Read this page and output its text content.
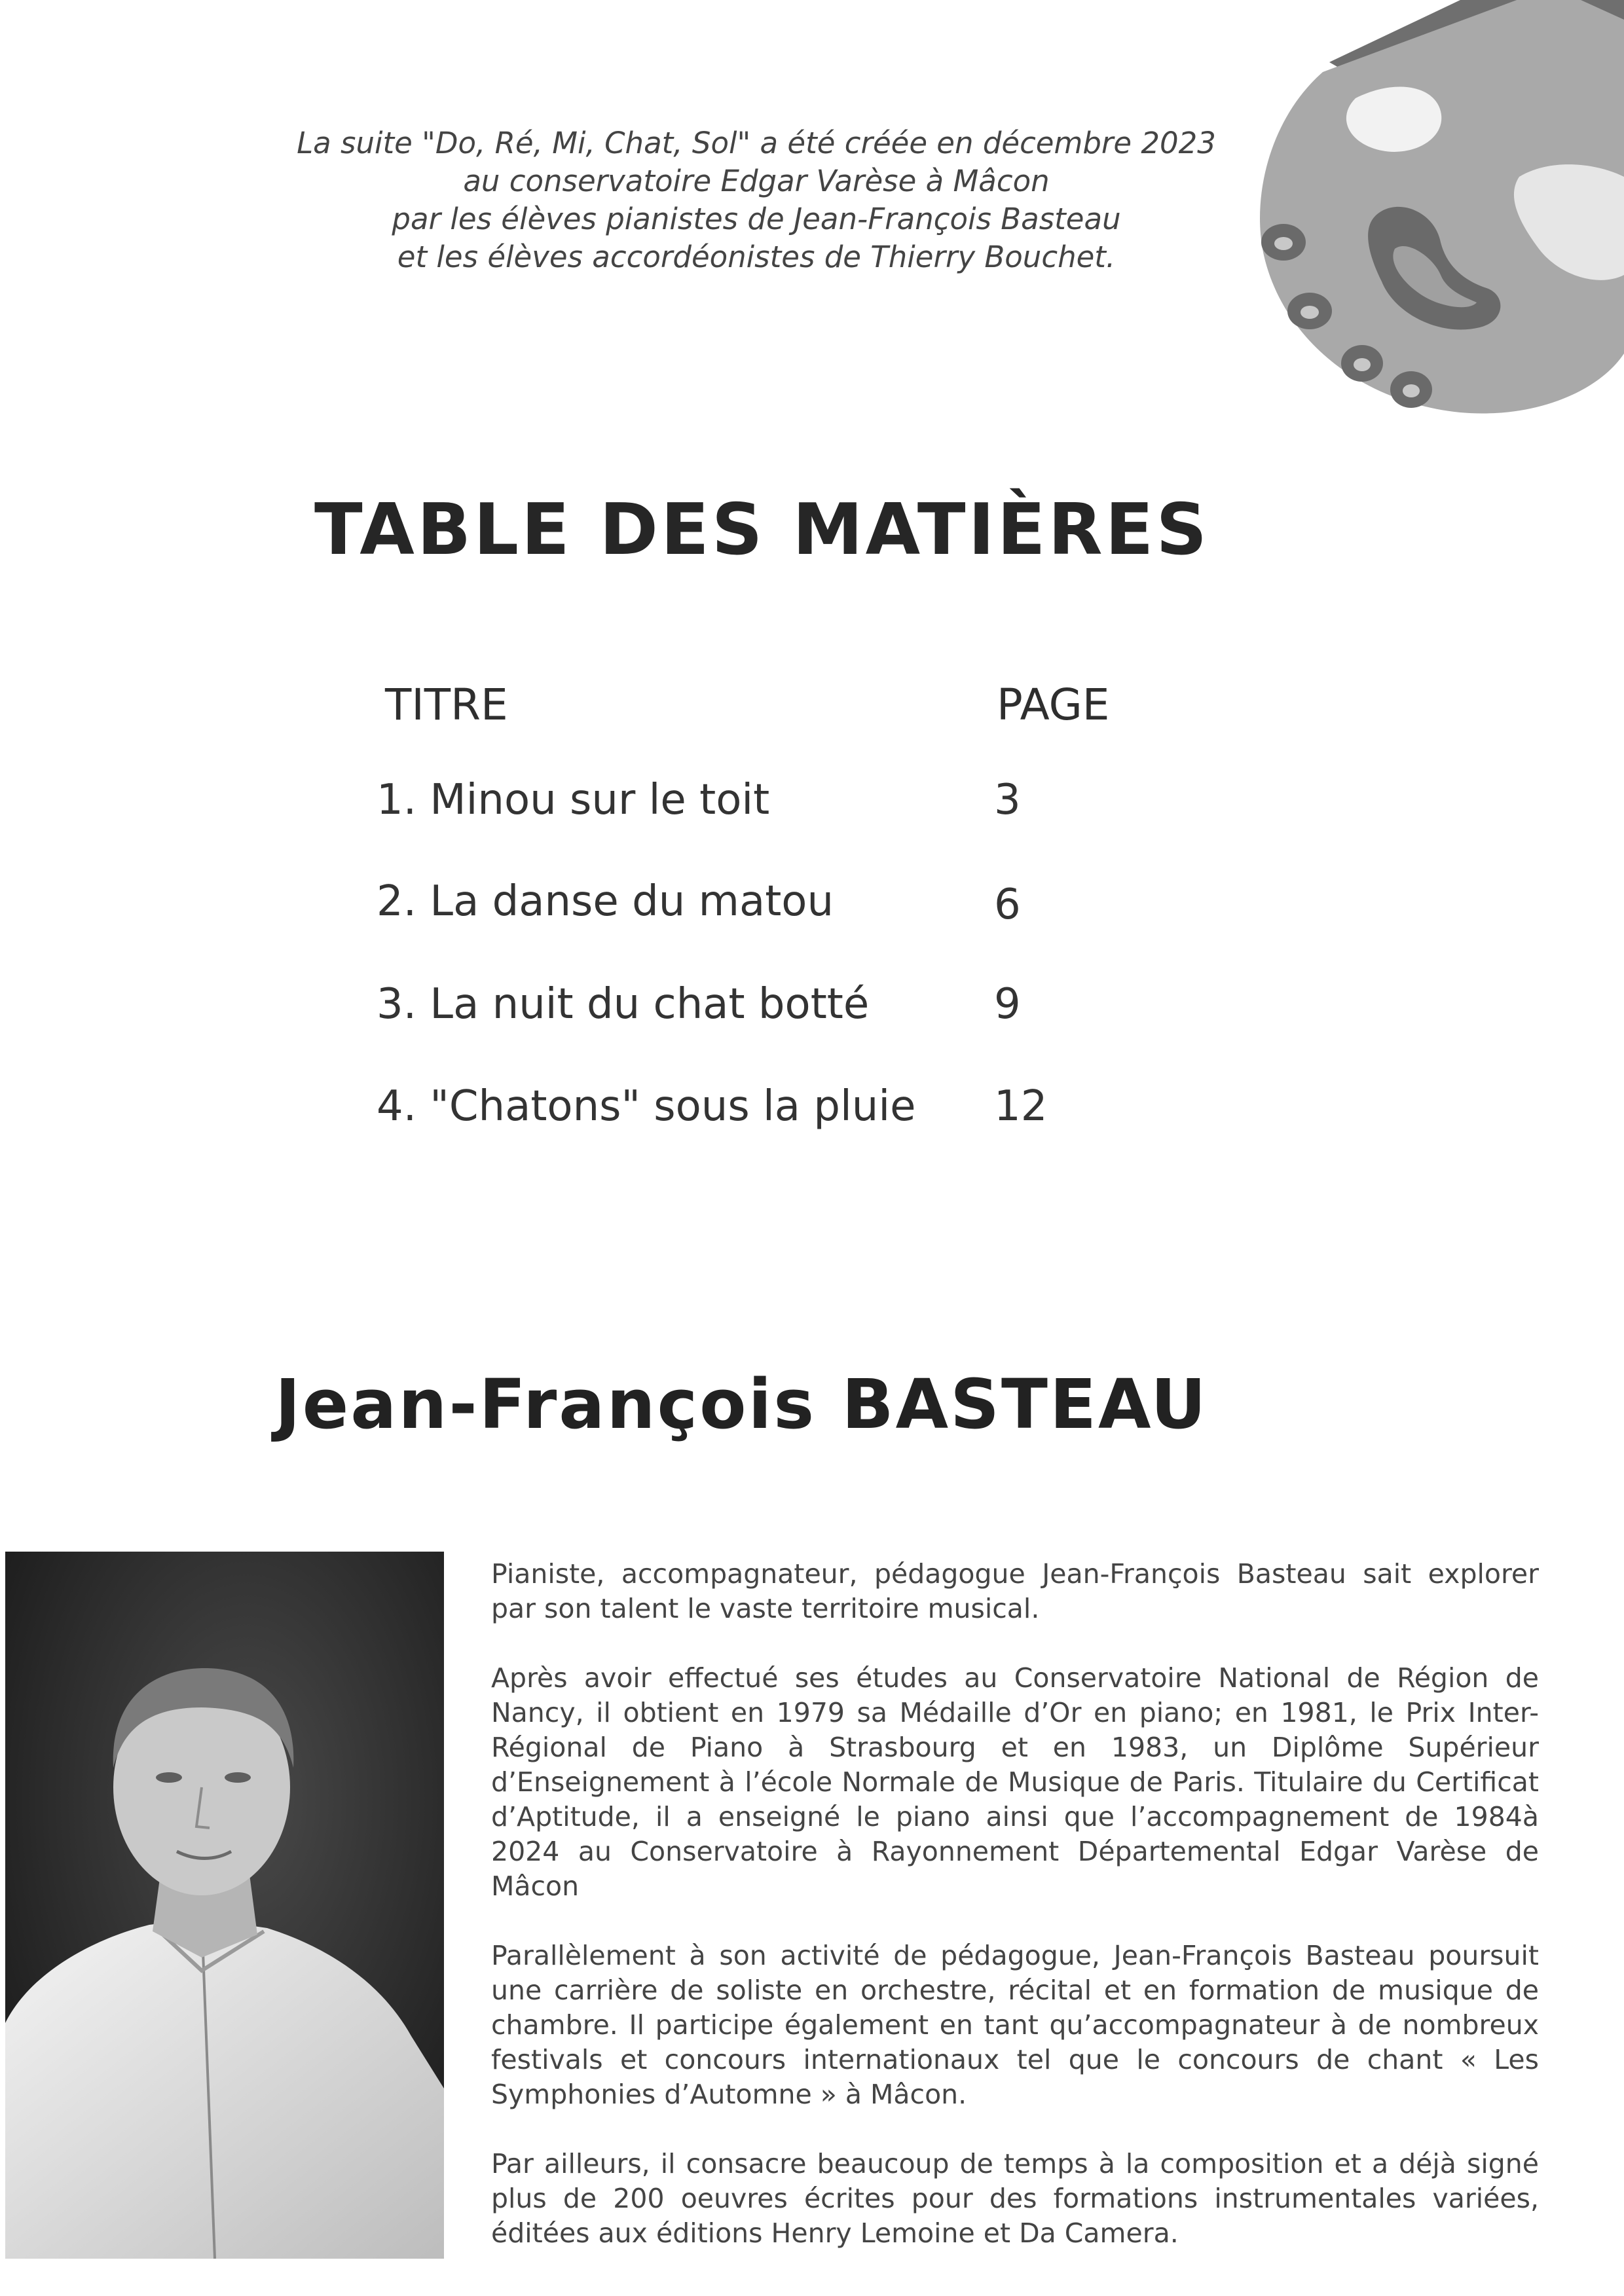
La suite "Do, Ré, Mi, Chat, Sol" a été créée en décembre 2023
au conservatoire Edgar Varèse à Mâcon
par les élèves pianistes de Jean-François Basteau
et les élèves accordéonistes de Thierry Bouchet.
TABLE DES MATIÈRES
TITRE	PAGE
1. Minou sur le toit	3
2. La danse du matou	6
3. La nuit du chat botté	9
4. "Chatons" sous la pluie 12
Jean-François BASTEAU

Pianiste, accompagnateur, pédagogue Jean-François Basteau sait explorer par son talent le vaste territoire musical.

Après avoir effectué ses études au Conservatoire National de Région de Nancy, il obtient en 1979 sa Médaille d’Or en piano; en 1981, le Prix Inter-Régional de Piano à Strasbourg et en 1983, un Diplôme Supérieur d’Enseignement à l’école Normale de Musique de Paris. Titulaire du Certificat d’Aptitude, il a enseigné le piano ainsi que l’accompagnement de 1984à 2024 au Conservatoire à Rayonnement Départemental Edgar Varèse de Mâcon

Parallèlement à son activité de pédagogue, Jean-François Basteau poursuit une carrière de soliste en orchestre, récital et en formation de musique de chambre. Il participe également en tant qu’accompagnateur à de nombreux festivals et concours internationaux tel que le concours de chant « Les Symphonies d’Automne » à Mâcon.

Par ailleurs, il consacre beaucoup de temps à la composition et a déjà signé plus de 200 oeuvres écrites pour des formations instrumentales variées, éditées aux éditions Henry Lemoine et Da Camera.
